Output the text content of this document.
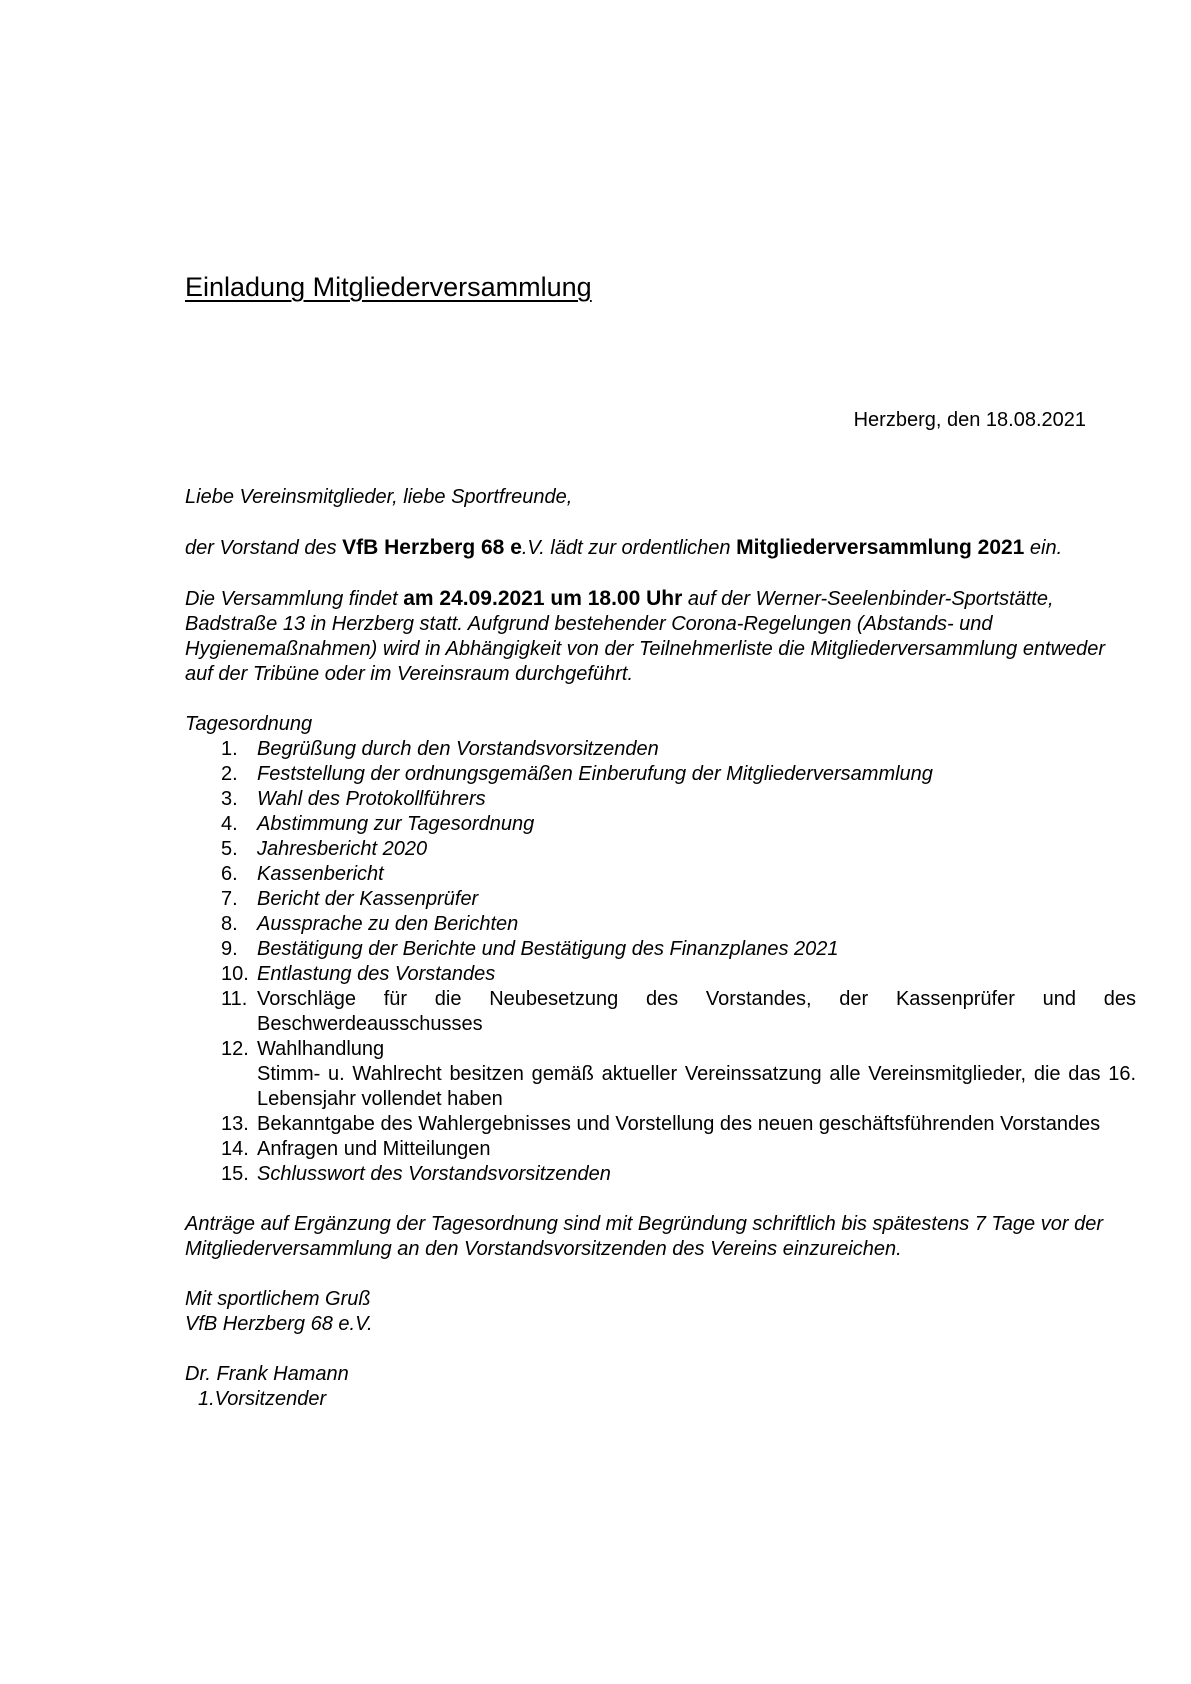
Einladung Mitgliederversammlung
Herzberg, den 18.08.2021

Liebe Vereinsmitglieder, liebe Sportfreunde,

der Vorstand des VfB Herzberg 68 e.V. lädt zur ordentlichen Mitgliederversammlung 2021 ein.

Die Versammlung findet am 24.09.2021 um 18.00 Uhr auf der Werner-Seelenbinder-Sportstätte, Badstraße 13 in Herzberg statt. Aufgrund bestehender Corona-Regelungen (Abstands- und Hygienemaßnahmen) wird in Abhängigkeit von der Teilnehmerliste die Mitgliederversammlung entweder auf der Tribüne oder im Vereinsraum durchgeführt.

Tagesordnung

1. Begrüßung durch den Vorstandsvorsitzenden
2. Feststellung der ordnungsgemäßen Einberufung der Mitgliederversammlung
3. Wahl des Protokollführers
4. Abstimmung zur Tagesordnung
5. Jahresbericht 2020
6. Kassenbericht
7. Bericht der Kassenprüfer
8. Aussprache zu den Berichten
9. Bestätigung der Berichte und Bestätigung des Finanzplanes 2021
10. Entlastung des Vorstandes
11. Vorschläge für die Neubesetzung des Vorstandes, der Kassenprüfer und des Beschwerdeausschusses
12. Wahlhandlung
Stimm- u. Wahlrecht besitzen gemäß aktueller Vereinssatzung alle Vereinsmitglieder, die das 16. Lebensjahr vollendet haben
13. Bekanntgabe des Wahlergebnisses und Vorstellung des neuen geschäftsführenden Vorstandes
14. Anfragen und Mitteilungen
15. Schlusswort des Vorstandsvorsitzenden

Anträge auf Ergänzung der Tagesordnung sind mit Begründung schriftlich bis spätestens 7 Tage vor der Mitgliederversammlung an den Vorstandsvorsitzenden des Vereins einzureichen.

Mit sportlichem Gruß

VfB Herzberg 68 e.V.

Dr. Frank Hamann

1.Vorsitzender
